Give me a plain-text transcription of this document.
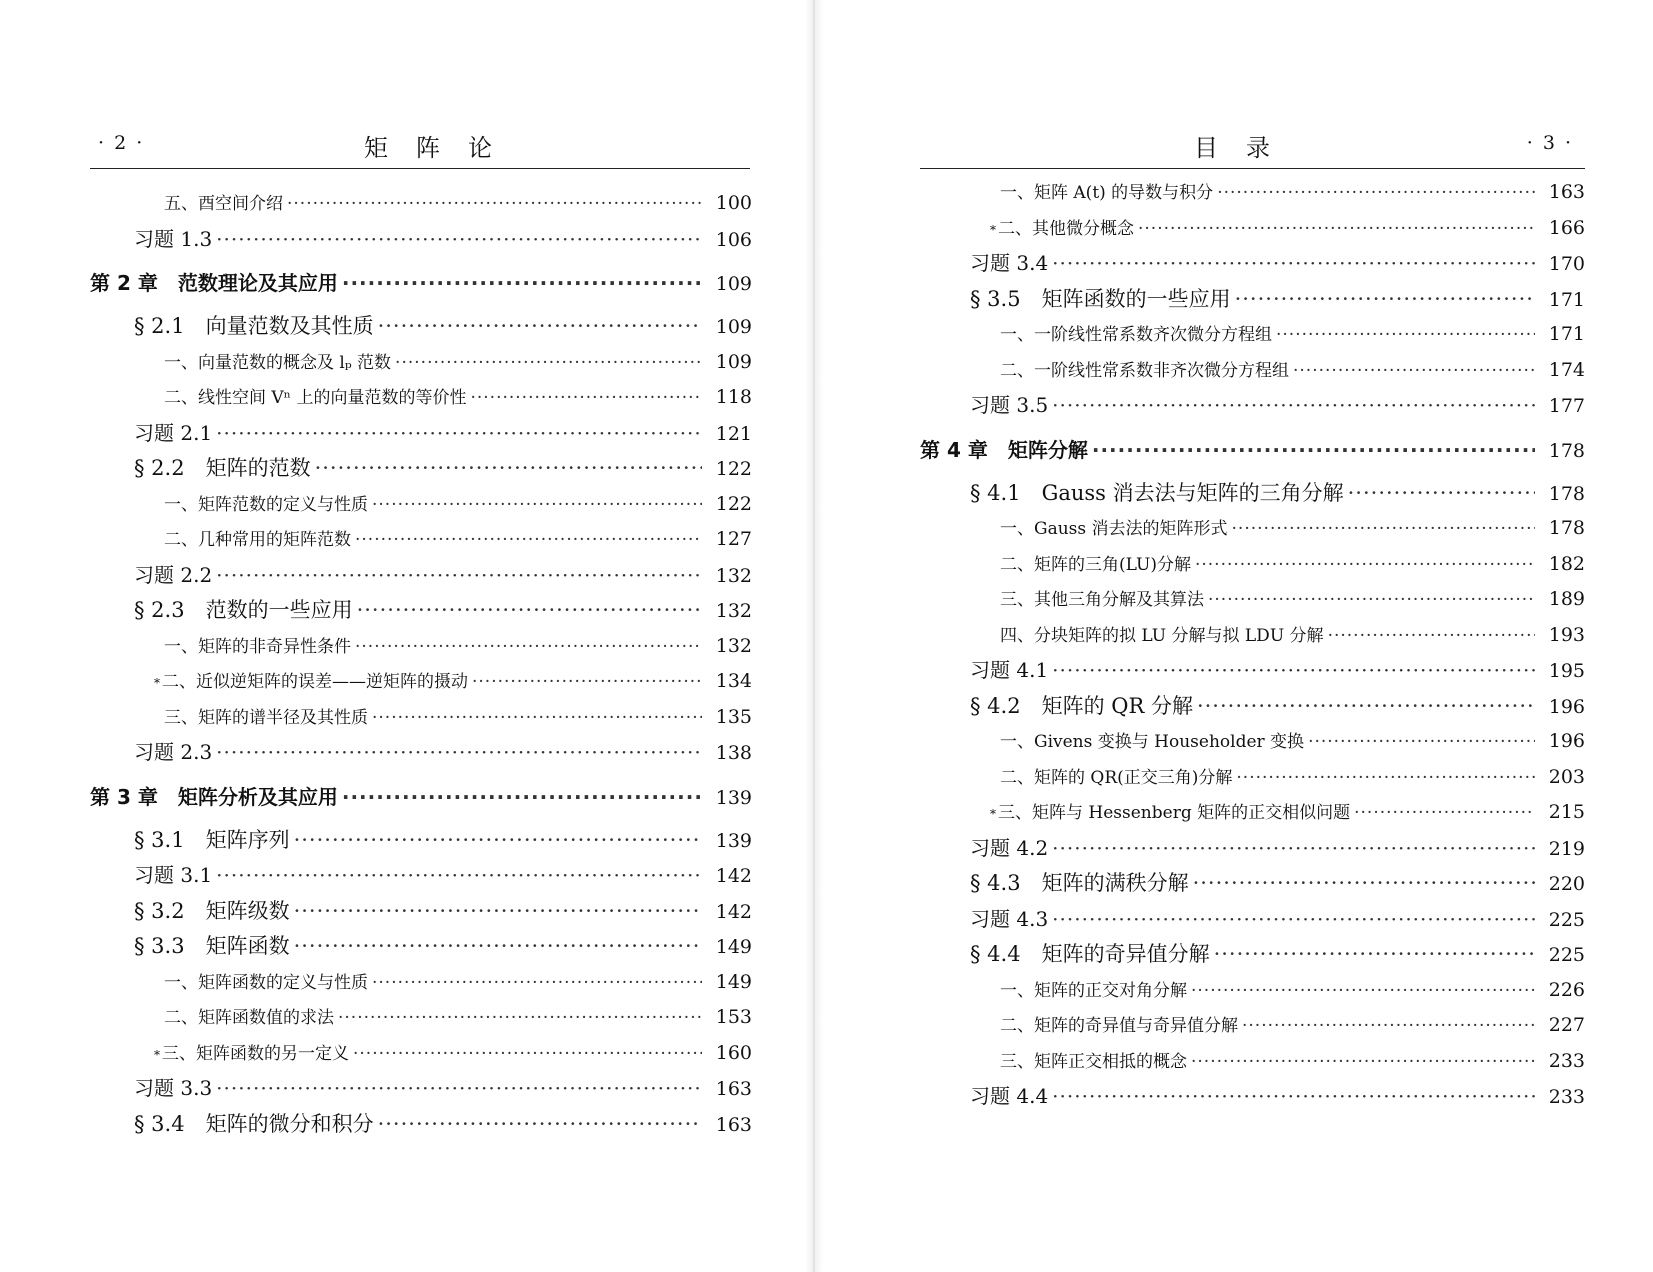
· 2 ·	矩阵论
五、酉空间介绍 ·····	100
习题 1.3 ·····	106
第 2 章　范数理论及其应用 ·····	109
§ 2.1　向量范数及其性质 ·····	109
一、向量范数的概念及 lₚ 范数 ·····	109
二、线性空间 Vⁿ 上的向量范数的等价性 ·····	118
习题 2.1 ·····	121
§ 2.2　矩阵的范数 ·····	122
一、矩阵范数的定义与性质 ·····	122
二、几种常用的矩阵范数 ·····	127
习题 2.2 ·····	132
§ 2.3　范数的一些应用 ·····	132
一、矩阵的非奇异性条件 ·····	132
* 二、近似逆矩阵的误差——逆矩阵的摄动 ·····	134
三、矩阵的谱半径及其性质 ·····	135
习题 2.3 ·····	138
第 3 章　矩阵分析及其应用 ·····	139
§ 3.1　矩阵序列 ·····	139
习题 3.1 ·····	142
§ 3.2　矩阵级数 ·····	142
§ 3.3　矩阵函数 ·····	149
一、矩阵函数的定义与性质 ·····	149
二、矩阵函数值的求法 ·····	153
* 三、矩阵函数的另一定义 ·····	160
习题 3.3 ·····	163
§ 3.4　矩阵的微分和积分 ·····	163
目录	· 3 ·
一、矩阵 A(t) 的导数与积分 ·····	163
* 二、其他微分概念 ·····	166
习题 3.4 ·····	170
§ 3.5　矩阵函数的一些应用 ·····	171
一、一阶线性常系数齐次微分方程组 ·····	171
二、一阶线性常系数非齐次微分方程组 ·····	174
习题 3.5 ·····	177
第 4 章　矩阵分解 ·····	178
§ 4.1　Gauss 消去法与矩阵的三角分解 ·····	178
一、Gauss 消去法的矩阵形式 ·····	178
二、矩阵的三角(LU)分解 ·····	182
三、其他三角分解及其算法 ·····	189
四、分块矩阵的拟 LU 分解与拟 LDU 分解 ·····	193
习题 4.1 ·····	195
§ 4.2　矩阵的 QR 分解 ·····	196
一、Givens 变换与 Householder 变换 ·····	196
二、矩阵的 QR(正交三角)分解 ·····	203
* 三、矩阵与 Hessenberg 矩阵的正交相似问题 ·····	215
习题 4.2 ·····	219
§ 4.3　矩阵的满秩分解 ·····	220
习题 4.3 ·····	225
§ 4.4　矩阵的奇异值分解 ·····	225
一、矩阵的正交对角分解 ·····	226
二、矩阵的奇异值与奇异值分解 ·····	227
三、矩阵正交相抵的概念 ·····	233
习题 4.4 ·····	233
